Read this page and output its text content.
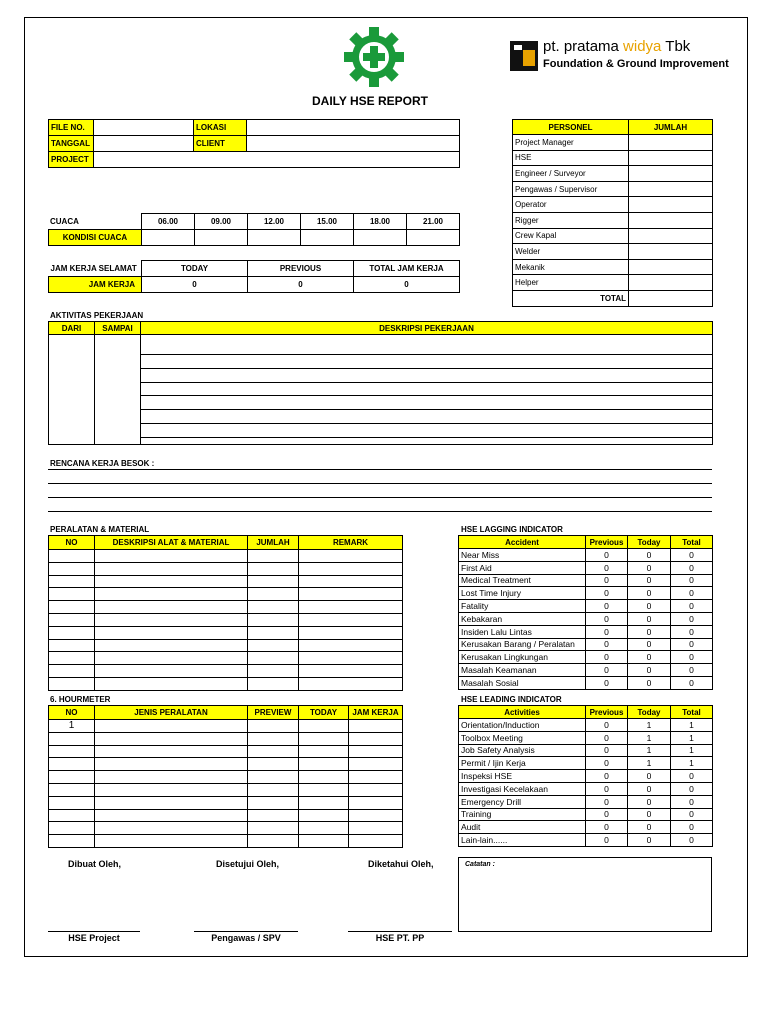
DAILY HSE REPORT
pt. pratama widya Tbk
Foundation & Ground Improvement
FILE NO.		LOKASI	
TANGGAL		CLIENT	
PROJECT			
CUACA
		06.00	09.00	12.00	15.00	18.00	21.00
KONDISI CUACA						
JAM KERJA SELAMAT	TODAY	PREVIOUS	TOTAL JAM KERJA
JAM KERJA	0	0	0
PERSONEL	JUMLAH
Project Manager	
HSE	
Engineer / Surveyor	
Pengawas / Supervisor	
Operator	
Rigger	
Crew Kapal	
Welder	
Mekanik	
Helper	
TOTAL	
AKTIVITAS PEKERJAAN
DARI	SAMPAI	DESKRIPSI PEKERJAAN

RENCANA KERJA BESOK :
PERALATAN & MATERIAL
NO	DESKRIPSI ALAT & MATERIAL	JUMLAH	REMARK

HSE LAGGING INDICATOR
Accident	Previous	Today	Total
Near Miss	0	0	0
First Aid	0	0	0
Medical Treatment	0	0	0
Lost Time Injury	0	0	0
Fatality	0	0	0
Kebakaran	0	0	0
Insiden Lalu Lintas	0	0	0
Kerusakan Barang / Peralatan	0	0	0
Kerusakan Lingkungan	0	0	0
Masalah Keamanan	0	0	0
Masalah Sosial	0	0	0
6. HOURMETER
NO	JENIS PERALATAN	PREVIEW	TODAY	JAM KERJA
1				

HSE LEADING INDICATOR
Activities	Previous	Today	Total
Orientation/Induction	0	1	1
Toolbox Meeting	0	1	1
Job Safety Analysis	0	1	1
Permit / Ijin Kerja	0	1	1
Inspeksi HSE	0	0	0
Investigasi Kecelakaan	0	0	0
Emergency Drill	0	0	0
Training	0	0	0
Audit	0	0	0
Lain-lain......	0	0	0
Dibuat Oleh,	Disetujui Oleh,	Diketahui Oleh,
HSE Project	Pengawas / SPV	HSE PT. PP
Catatan :
